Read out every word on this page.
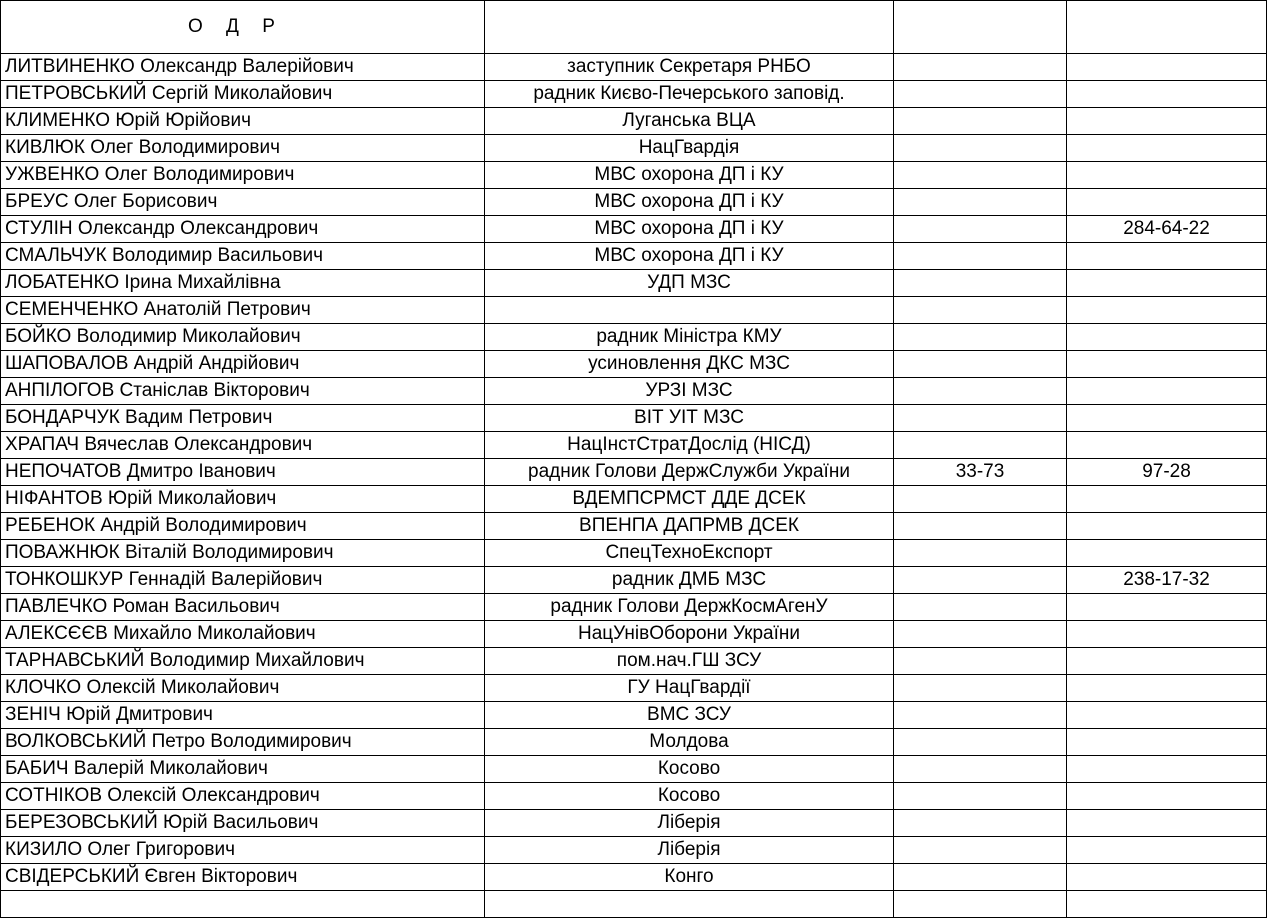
О Д Р			
ЛИТВИНЕНКО Олександр Валерійович	заступник Секретаря РНБО		
ПЕТРОВСЬКИЙ Сергій Миколайович	радник Києво-Печерського заповід.		
КЛИМЕНКО Юрій Юрійович	Луганська ВЦА		
КИВЛЮК Олег Володимирович	НацГвардія		
УЖВЕНКО Олег Володимирович	МВС охорона ДП і КУ		
БРЕУС Олег Борисович	МВС охорона ДП і КУ		
СТУЛІН Олександр Олександрович	МВС охорона ДП і КУ		284-64-22
СМАЛЬЧУК Володимир Васильович	МВС охорона ДП і КУ		
ЛОБАТЕНКО Ірина Михайлівна	УДП МЗС		
СЕМЕНЧЕНКО Анатолій Петрович			
БОЙКО Володимир Миколайович	радник Міністра КМУ		
ШАПОВАЛОВ Андрій Андрійович	усиновлення ДКС МЗС		
АНПІЛОГОВ Станіслав Вікторович	УРЗІ МЗС		
БОНДАРЧУК Вадим Петрович	ВІТ УІТ МЗС		
ХРАПАЧ Вячеслав Олександрович	НацІнстСтратДослід (НІСД)		
НЕПОЧАТОВ Дмитро Іванович	радник Голови ДержСлужби України	33-73	97-28
НІФАНТОВ Юрій Миколайович	ВДЕМПСРМСТ ДДЕ ДСЕК		
РЕБЕНОК Андрій Володимирович	ВПЕНПА ДАПРМВ ДСЕК		
ПОВАЖНЮК Віталій Володимирович	СпецТехноЕкспорт		
ТОНКОШКУР Геннадій Валерійович	радник ДМБ МЗС		238-17-32
ПАВЛЕЧКО Роман Васильович	радник Голови ДержКосмАгенУ		
АЛЕКСЄЄВ Михайло Миколайович	НацУнівОборони України		
ТАРНАВСЬКИЙ Володимир Михайлович	пом.нач.ГШ ЗСУ		
КЛОЧКО Олексій Миколайович	ГУ НацГвардії		
ЗЕНІЧ Юрій Дмитрович	ВМС ЗСУ		
ВОЛКОВСЬКИЙ Петро Володимирович	Молдова		
БАБИЧ Валерій Миколайович	Косово		
СОТНІКОВ Олексій Олександрович	Косово		
БЕРЕЗОВСЬКИЙ Юрій Васильович	Ліберія		
КИЗИЛО Олег Григорович	Ліберія		
СВІДЕРСЬКИЙ Євген Вікторович	Конго		
